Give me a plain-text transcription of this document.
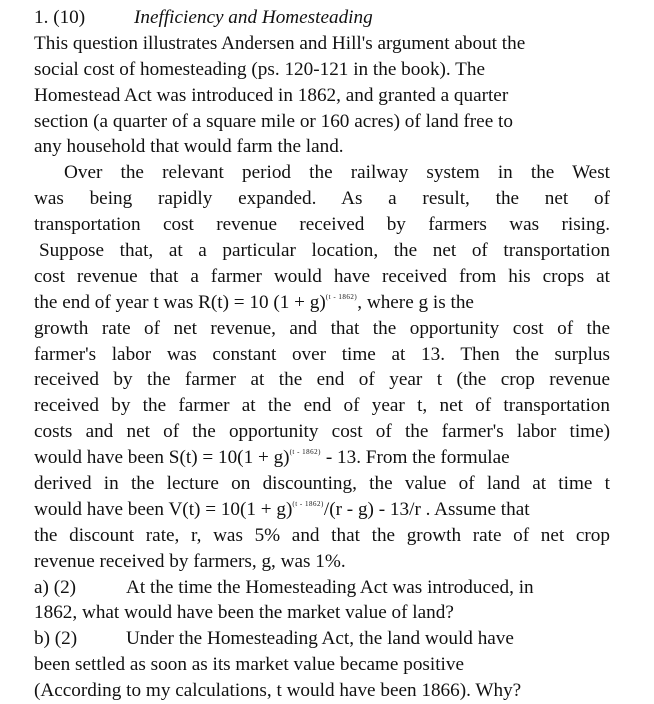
1. (10)	Inefficiency and Homesteading
This question illustrates Andersen and Hill's argument about the
social cost of homesteading (ps. 120-121 in the book). The
Homestead Act was introduced in 1862, and granted a quarter
section (a quarter of a square mile or 160 acres) of land free to
any household that would farm the land.
Over the relevant period the railway system in the West
was being rapidly expanded. As a result, the net of
transportation cost revenue received by farmers was rising.
Suppose that, at a particular location, the net of transportation
cost revenue that a farmer would have received from his crops at
the end of year t was R(t) = 10 $(1 + g)^{(t - 1862)}$, where g is the
growth rate of net revenue, and that the opportunity cost of the
farmer's labor was constant over time at 13. Then the surplus
received by the farmer at the end of year t (the crop revenue
received by the farmer at the end of year t, net of transportation
costs and net of the opportunity cost of the farmer's labor time)
would have been $S(t) = 10(1 + g)^{(t - 1862)} - 13$. From the formulae
derived in the lecture on discounting, the value of land at time t
would have been $V(t) = 10(1 + g)^{(t - 1862)}/(r - g) - 13/r$ . Assume that
the discount rate, r, was 5% and that the growth rate of net crop
revenue received by farmers, g, was 1%.
a) (2)	At the time the Homesteading Act was introduced, in
1862, what would have been the market value of land?
b) (2)	Under the Homesteading Act, the land would have
been settled as soon as its market value became positive
(According to my calculations, t would have been 1866). Why?
